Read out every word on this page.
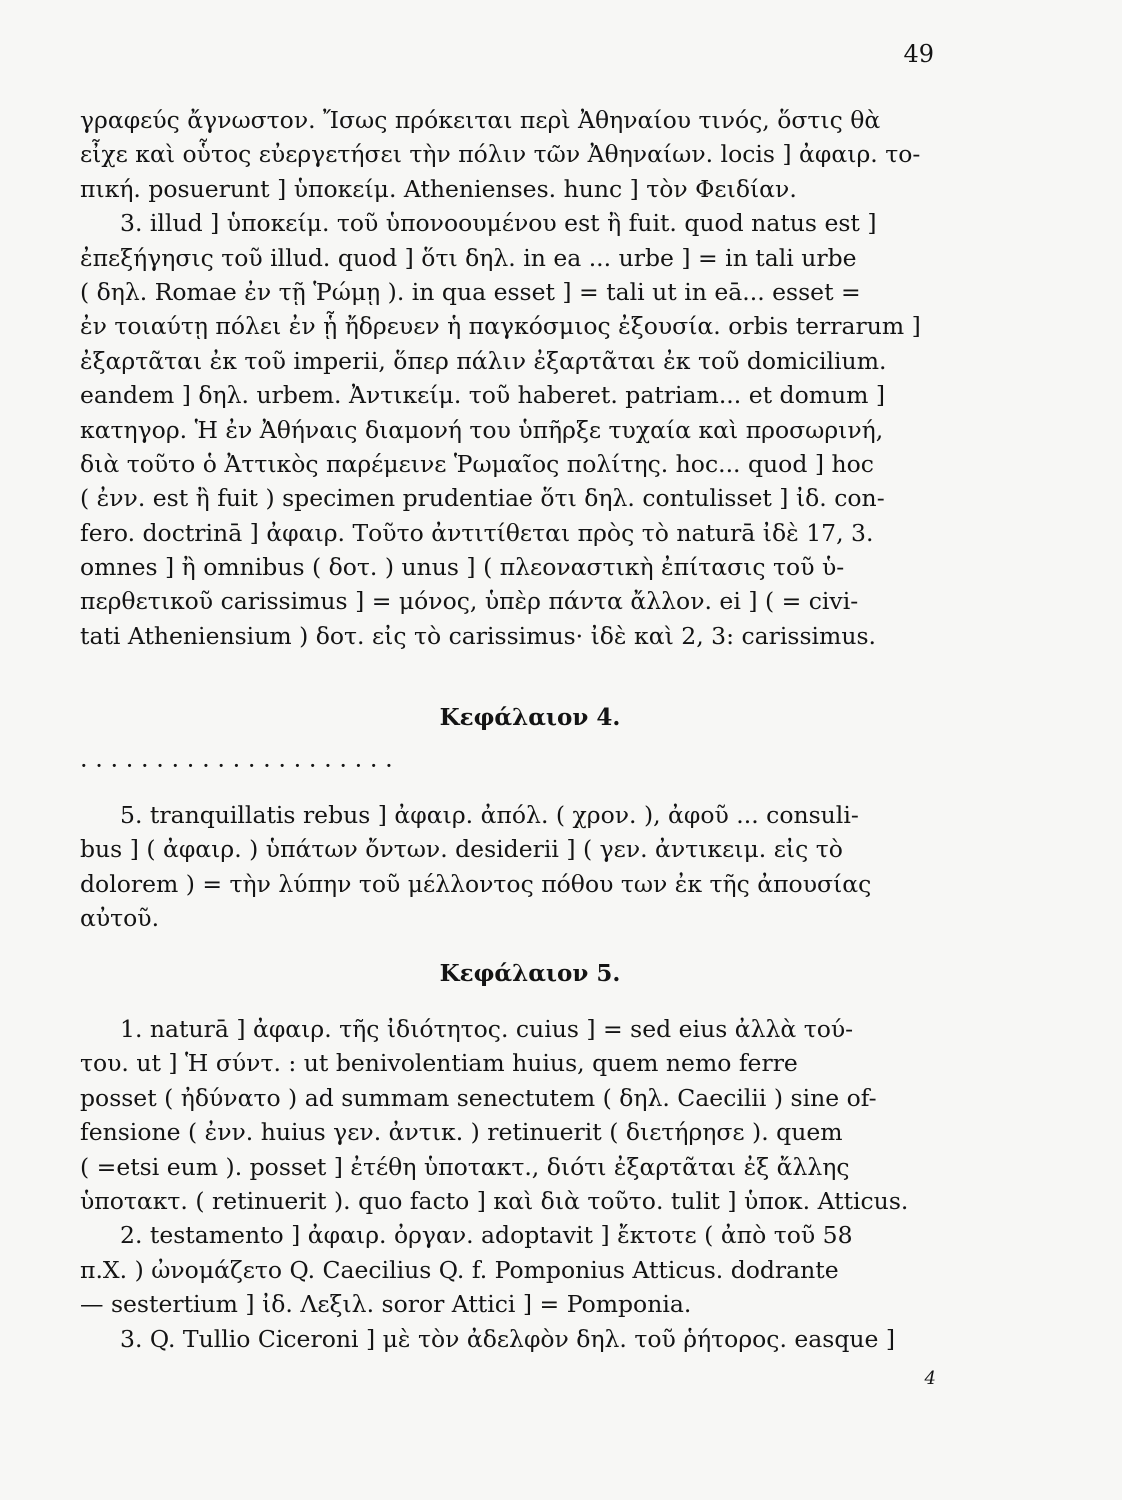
49
γραφεύς ἄγνωστον. Ἴσως πρόκειται περὶ Ἀθηναίου τινός, ὅστις θὰ
εἶχε καὶ οὗτος εὐεργετήσει τὴν πόλιν τῶν Ἀθηναίων. locis ] ἀφαιρ. το-
πική. posuerunt ] ὑποκείμ. Athenienses. hunc ] τὸν Φειδίαν.
3. illud ] ὑποκείμ. τοῦ ὑπονοουμένου est ἢ fuit. quod natus est ]
ἐπεξήγησις τοῦ illud. quod ] ὅτι δηλ. in ea ... urbe ] = in tali urbe
( δηλ. Romae ἐν τῇ Ῥώμῃ ). in qua esset ] = tali ut in eā... esset =
ἐν τοιαύτῃ πόλει ἐν ᾗ ἤδρευεν ἡ παγκόσμιος ἐξουσία. orbis terrarum ]
ἐξαρτᾶται ἐκ τοῦ imperii, ὅπερ πάλιν ἐξαρτᾶται ἐκ τοῦ domicilium.
eandem ] δηλ. urbem. Ἀντικείμ. τοῦ haberet. patriam... et domum ]
κατηγορ. Ἡ ἐν Ἀθήναις διαμονή του ὑπῆρξε τυχαία καὶ προσωρινή,
διὰ τοῦτο ὁ Ἀττικὸς παρέμεινε Ῥωμαῖος πολίτης. hoc... quod ] hoc
( ἐνν. est ἢ fuit ) specimen prudentiae ὅτι δηλ. contulisset ] ἰδ. con-
fero. doctrinā ] ἀφαιρ. Τοῦτο ἀντιτίθεται πρὸς τὸ naturā ἰδὲ 17, 3.
omnes ] ἢ omnibus ( δοτ. ) unus ] ( πλεοναστικὴ ἐπίτασις τοῦ ὑ-
περθετικοῦ carissimus ] = μόνος, ὑπὲρ πάντα ἄλλον. ei ] ( = civi-
tati Atheniensium ) δοτ. εἰς τὸ carissimus· ἰδὲ καὶ 2, 3: carissimus.
Κεφάλαιον 4.
· · · · · · · · · · · · · · · · · · · · ·
5. tranquillatis rebus ] ἀφαιρ. ἀπόλ. ( χρον. ), ἀφοῦ ... consuli-
bus ] ( ἀφαιρ. ) ὑπάτων ὄντων. desiderii ] ( γεν. ἀντικειμ. εἰς τὸ
dolorem ) = τὴν λύπην τοῦ μέλλοντος πόθου των ἐκ τῆς ἀπουσίας
αὐτοῦ.
Κεφάλαιον 5.
1. naturā ] ἀφαιρ. τῆς ἰδιότητος. cuius ] = sed eius ἀλλὰ τού-
του. ut ] Ἡ σύντ. : ut benivolentiam huius, quem nemo ferre
posset ( ἠδύνατο ) ad summam senectutem ( δηλ. Caecilii ) sine of-
fensione ( ἐνν. huius γεν. ἀντικ. ) retinuerit ( διετήρησε ). quem
( =etsi eum ). posset ] ἐτέθη ὑποτακτ., διότι ἐξαρτᾶται ἐξ ἄλλης
ὑποτακτ. ( retinuerit ). quo facto ] καὶ διὰ τοῦτο. tulit ] ὑποκ. Atticus.
2. testamento ] ἀφαιρ. ὀργαν. adoptavit ] ἔκτοτε ( ἀπὸ τοῦ 58
π.Χ. ) ὠνομάζετο Q. Caecilius Q. f. Pomponius Atticus. dodrante
— sestertium ] ἰδ. Λεξιλ. soror Attici ] = Pomponia.
3. Q. Tullio Ciceroni ] μὲ τὸν ἀδελφὸν δηλ. τοῦ ῥήτορος. easque ]
4
